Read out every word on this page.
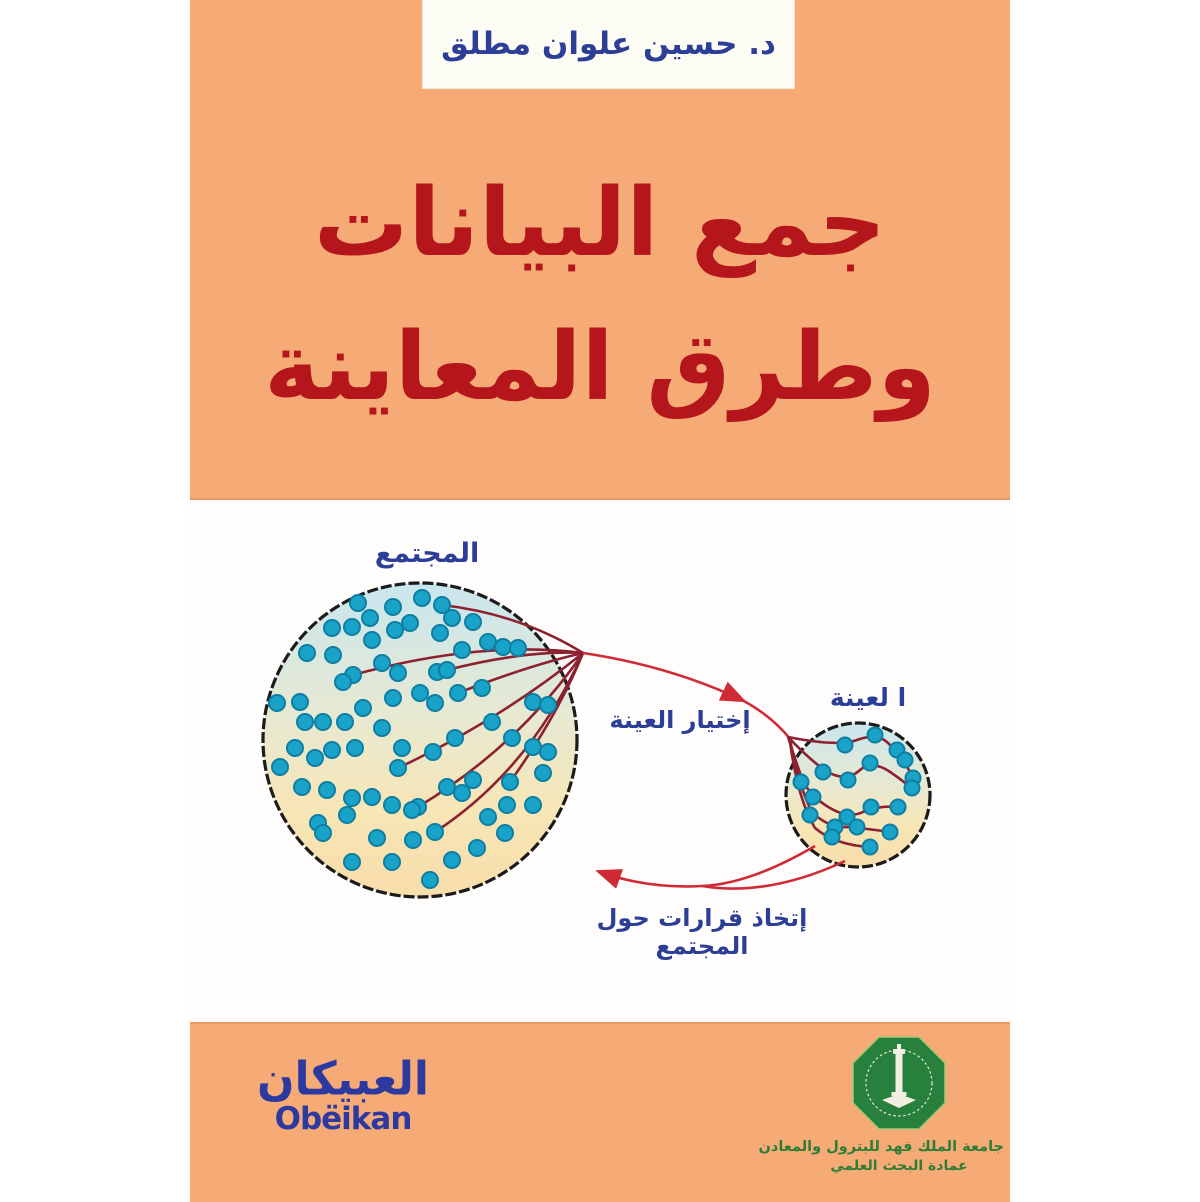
د. حسين علوان مطلق
جمع البيانات
وطرق المعاينة
المجتمع
ا لعينة
إختيار العينة
إتخاذ قرارات حول المجتمع
العبيكان
Obëikan
جامعة الملك فهد للبترول والمعادن
عمادة البحث العلمي
